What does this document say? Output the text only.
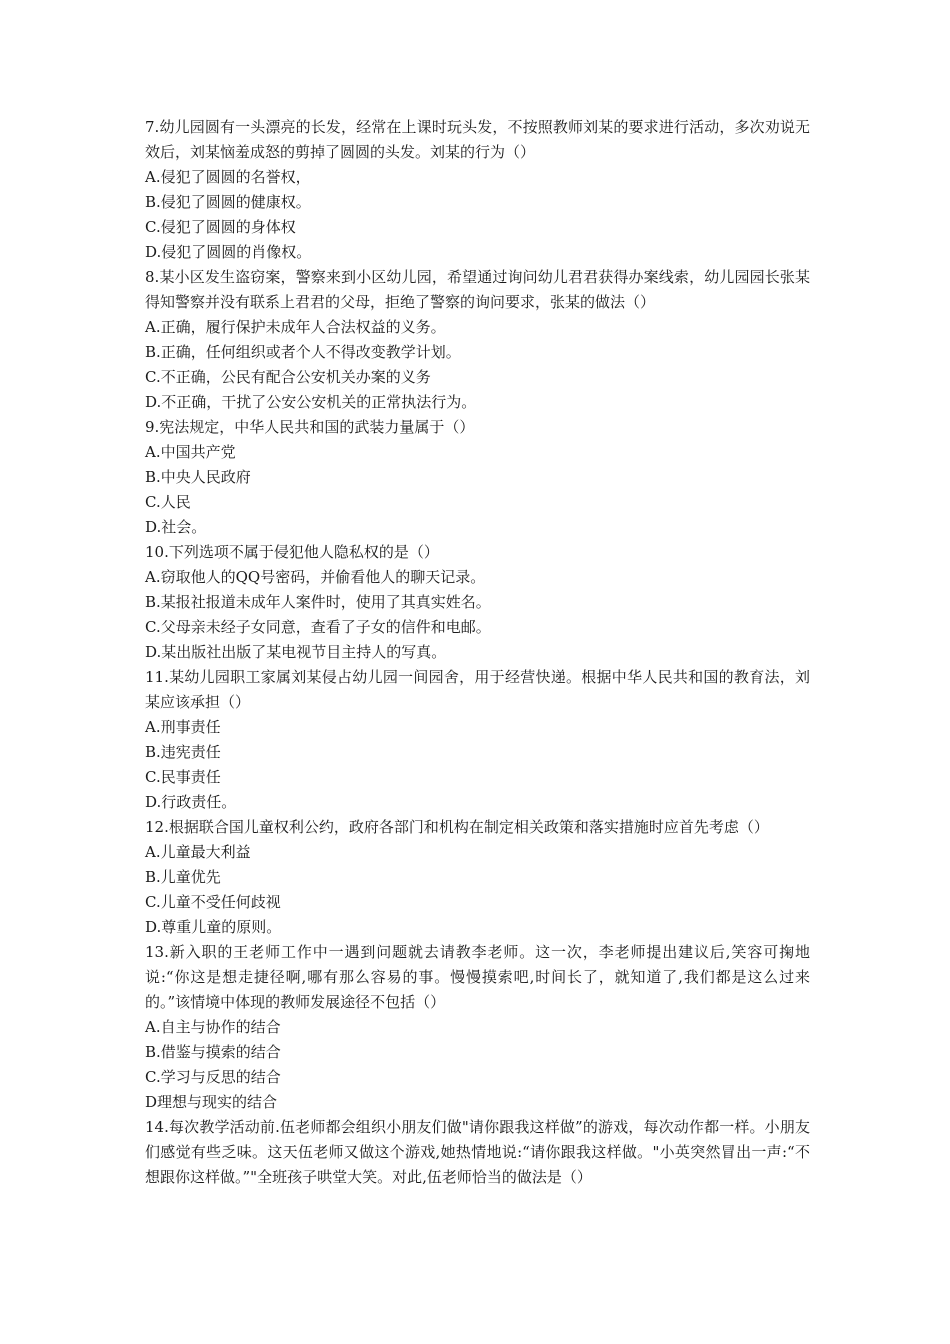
7.幼儿园圆有一头漂亮的长发，经常在上课时玩头发，不按照教师刘某的要求进行活动，多次劝说无效后，刘某恼羞成怒的剪掉了圆圆的头发。刘某的行为（）

A.侵犯了圆圆的名誉权，

B.侵犯了圆圆的健康权。

C.侵犯了圆圆的身体权

D.侵犯了圆圆的肖像权。

8.某小区发生盗窃案，警察来到小区幼儿园，希望通过询问幼儿君君获得办案线索，幼儿园园长张某得知警察并没有联系上君君的父母，拒绝了警察的询问要求，张某的做法（）

A.正确，履行保护未成年人合法权益的义务。

B.正确，任何组织或者个人不得改变教学计划。

C.不正确，公民有配合公安机关办案的义务

D.不正确，干扰了公安公安机关的正常执法行为。

9.宪法规定，中华人民共和国的武装力量属于（）

A.中国共产党

B.中央人民政府

C.人民

D.社会。

10.下列选项不属于侵犯他人隐私权的是（）

A.窃取他人的QQ号密码，并偷看他人的聊天记录。

B.某报社报道未成年人案件时，使用了其真实姓名。

C.父母亲未经子女同意，查看了子女的信件和电邮。

D.某出版社出版了某电视节目主持人的写真。

11.某幼儿园职工家属刘某侵占幼儿园一间园舍，用于经营快递。根据中华人民共和国的教育法，刘某应该承担（）

A.刑事责任

B.违宪责任

C.民事责任

D.行政责任。

12.根据联合国儿童权利公约，政府各部门和机构在制定相关政策和落实措施时应首先考虑（）

A.儿童最大利益

B.儿童优先

C.儿童不受任何歧视

D.尊重儿童的原则。

13.新入职的王老师工作中一遇到问题就去请教李老师。这一次，李老师提出建议后,笑容可掬地说:“你这是想走捷径啊,哪有那么容易的事。慢慢摸索吧,时间长了，就知道了,我们都是这么过来的。”该情境中体现的教师发展途径不包括（）

A.自主与协作的结合

B.借鉴与摸索的结合

C.学习与反思的结合

D理想与现实的结合

14.每次教学活动前.伍老师都会组织小朋友们做"请你跟我这样做”的游戏，每次动作都一样。小朋友们感觉有些乏味。这天伍老师又做这个游戏,她热情地说:“请你跟我这样做。"小英突然冒出一声:“不想跟你这样做。”"全班孩子哄堂大笑。对此,伍老师恰当的做法是（）
